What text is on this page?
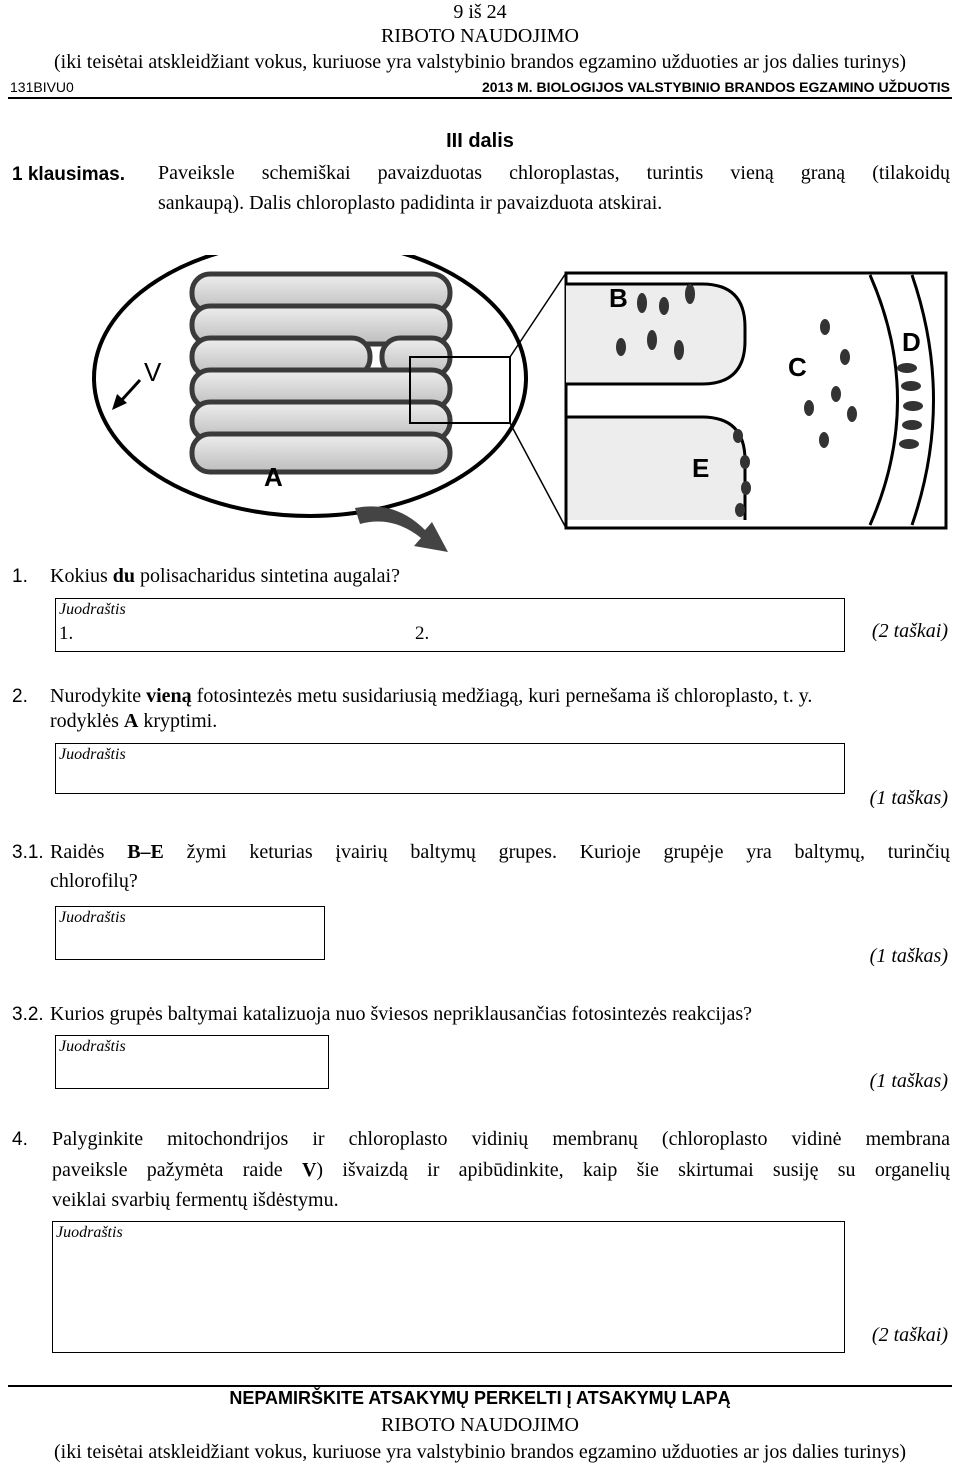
9 iš 24
RIBOTO NAUDOJIMO
(iki teisėtai atskleidžiant vokus, kuriuose yra valstybinio brandos egzamino užduoties ar jos dalies turinys)
131BIVU0	2013 M. BIOLOGIJOS VALSTYBINIO BRANDOS EGZAMINO UŽDUOTIS
III dalis
1 klausimas. Paveiksle schemiškai pavaizduotas chloroplastas, turintis vieną graną (tilakoidų
sankaupą). Dalis chloroplasto padidinta ir pavaizduota atskirai.
V
A
B
C
D
E
1. Kokius du polisacharidus sintetina augalai?
Juodraštis
1.	2.	(2 taškai)
2. Nurodykite vieną fotosintezės metu susidariusią medžiagą, kuri pernešama iš chloroplasto, t. y.
rodyklės A kryptimi.
Juodraštis
(1 taškas)
3.1. Raidės B–E žymi keturias įvairių baltymų grupes. Kurioje grupėje yra baltymų, turinčių
chlorofilų?
Juodraštis
(1 taškas)
3.2. Kurios grupės baltymai katalizuoja nuo šviesos nepriklausančias fotosintezės reakcijas?
Juodraštis
(1 taškas)
4. Palyginkite mitochondrijos ir chloroplasto vidinių membranų (chloroplasto vidinė membrana
paveiksle pažymėta raide V) išvaizdą ir apibūdinkite, kaip šie skirtumai susiję su organelių
veiklai svarbių fermentų išdėstymu.
Juodraštis
(2 taškai)
NEPAMIRŠKITE ATSAKYMŲ PERKELTI Į ATSAKYMŲ LAPĄ
RIBOTO NAUDOJIMO
(iki teisėtai atskleidžiant vokus, kuriuose yra valstybinio brandos egzamino užduoties ar jos dalies turinys)
